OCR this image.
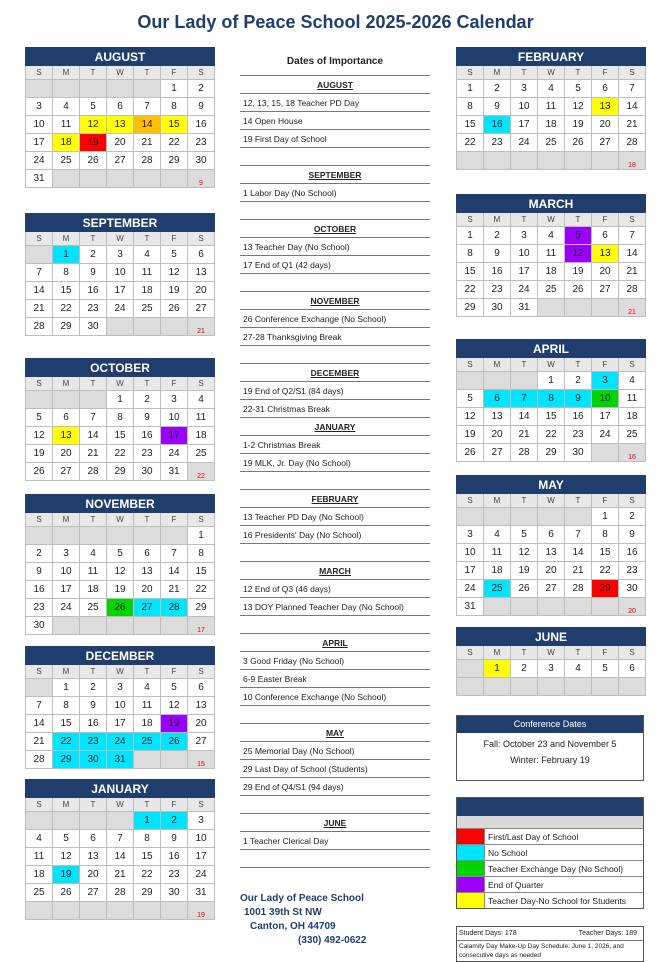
Our Lady of Peace School 2025-2026 Calendar
AUGUST						
S	M	T	W	T	F	S
					1	2
3	4	5	6	7	8	9
10	11	12	13	14	15	16
17	18	19	20	21	22	23
24	25	26	27	28	29	30
31						9
SEPTEMBER						
S	M	T	W	T	F	S
	1	2	3	4	5	6
7	8	9	10	11	12	13
14	15	16	17	18	19	20
21	22	23	24	25	26	27
28	29	30				21
OCTOBER						
S	M	T	W	T	F	S
			1	2	3	4
5	6	7	8	9	10	11
12	13	14	15	16	17	18
19	20	21	22	23	24	25
26	27	28	29	30	31	22
NOVEMBER						
S	M	T	W	T	F	S
						1
2	3	4	5	6	7	8
9	10	11	12	13	14	15
16	17	18	19	20	21	22
23	24	25	26	27	28	29
30						17
DECEMBER						
S	M	T	W	T	F	S
	1	2	3	4	5	6
7	8	9	10	11	12	13
14	15	16	17	18	19	20
21	22	23	24	25	26	27
28	29	30	31			15
JANUARY						
S	M	T	W	T	F	S
				1	2	3
4	5	6	7	8	9	10
11	12	13	14	15	16	17
18	19	20	21	22	23	24
25	26	27	28	29	30	31
						19
FEBRUARY						
S	M	T	W	T	F	S
1	2	3	4	5	6	7
8	9	10	11	12	13	14
15	16	17	18	19	20	21
22	23	24	25	26	27	28
						18
MARCH						
S	M	T	W	T	F	S
1	2	3	4	5	6	7
8	9	10	11	12	13	14
15	16	17	18	19	20	21
22	23	24	25	26	27	28
29	30	31				21
APRIL						
S	M	T	W	T	F	S
			1	2	3	4
5	6	7	8	9	10	11
12	13	14	15	16	17	18
19	20	21	22	23	24	25
26	27	28	29	30		16
MAY						
S	M	T	W	T	F	S
					1	2
3	4	5	6	7	8	9
10	11	12	13	14	15	16
17	18	19	20	21	22	23
24	25	26	27	28	29	30
31						20
JUNE						
S	M	T	W	T	F	S
	1	2	3	4	5	6

Dates of Importance
AUGUST
12, 13, 15, 18 Teacher PD Day
14 Open House
19 First Day of School
SEPTEMBER
1 Labor Day (No School)
OCTOBER
13 Teacher Day (No School)
17 End of Q1 (42 days)
NOVEMBER
26 Conference Exchange (No School)
27-28 Thanksgiving Break
DECEMBER
19 End of Q2/S1 (84 days)
22-31 Christmas Break
JANUARY
1-2 Christmas Break
19 MLK, Jr. Day (No School)
FEBRUARY
13 Teacher PD Day (No School)
16 Presidents' Day (No School)
MARCH
12 End of Q3 (46 days)
13 DOY Planned Teacher Day (No School)
APRIL
3 Good Friday (No School)
6-9 Easter Break
10 Conference Exchange (No School)
MAY
25 Memorial Day (No School)
29 Last Day of School (Students)
29 End of Q4/S1 (94 days)
JUNE
1 Teacher Clerical Day
Our Lady of Peace School
1001 39th St NW
Canton, OH 44709
(330) 492-0622
Conference Dates
Fall: October 23 and November 5
Winter: February 19
First/Last Day of School
No School
Teacher Exchange Day (No School)
End of Quarter
Teacher Day-No School for Students
Student Days: 178	Teacher Days: 189
Calamity Day Make-Up Day Schedule: June 1, 2026, and consecutive days as needed
